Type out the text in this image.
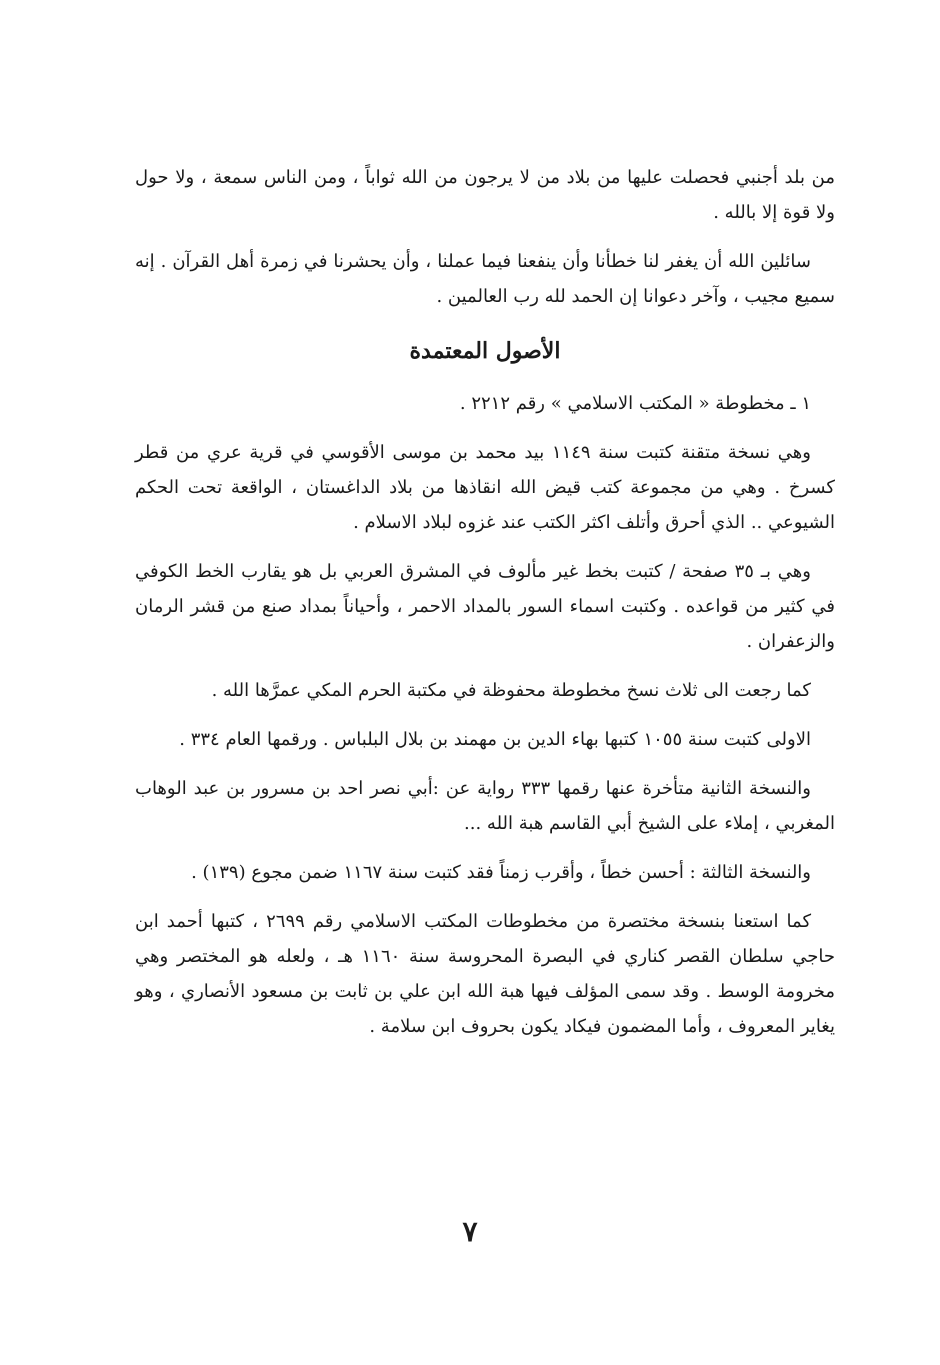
من بلد أجنبي فحصلت عليها من بلاد من لا يرجون من الله ثواباً ، ومن الناس سمعة ، ولا حول ولا قوة إلا بالله .

سائلين الله أن يغفر لنا خطأنا وأن ينفعنا فيما عملنا ، وأن يحشرنا في زمرة أهل القرآن . إنه سميع مجيب ، وآخر دعوانا إن الحمد لله رب العالمين .

الأصول المعتمدة

١ ـ مخطوطة « المكتب الاسلامي » رقم ٢٢١٢ .

وهي نسخة متقنة كتبت سنة ١١٤٩ بيد محمد بن موسى الأقوسي في قرية عري من قطر كسرخ . وهي من مجموعة كتب قيض الله انقاذها من بلاد الداغستان ، الواقعة تحت الحكم الشيوعي .. الذي أحرق وأتلف اكثر الكتب عند غزوه لبلاد الاسلام .

وهي بـ ٣٥ صفحة / كتبت بخط غير مألوف في المشرق العربي بل هو يقارب الخط الكوفي في كثير من قواعده . وكتبت اسماء السور بالمداد الاحمر ، وأحياناً بمداد صنع من قشر الرمان والزعفران .

كما رجعت الى ثلاث نسخ مخطوطة محفوظة في مكتبة الحرم المكي عمرَّها الله .

الاولى كتبت سنة ١٠٥٥ كتبها بهاء الدين بن مهمند بن بلال البلباس . ورقمها العام ٣٣٤ .

والنسخة الثانية متأخرة عنها رقمها ٣٣٣ رواية عن :أبي نصر احد بن مسرور بن عبد الوهاب المغربي ، إملاء على الشيخ أبي القاسم هبة الله ...

والنسخة الثالثة : أحسن خطاً ، وأقرب زمناً فقد كتبت سنة ١١٦٧ ضمن مجوع (١٣٩) .

كما استعنا بنسخة مختصرة من مخطوطات المكتب الاسلامي رقم ٢٦٩٩ ، كتبها أحمد ابن حاجي سلطان القصر كناري في البصرة المحروسة سنة ١١٦٠ هـ ، ولعله هو المختصر وهي مخرومة الوسط . وقد سمى المؤلف فيها هبة الله ابن علي بن ثابت بن مسعود الأنصاري ، وهو يغاير المعروف ، وأما المضمون فيكاد يكون بحروف ابن سلامة .

٧
